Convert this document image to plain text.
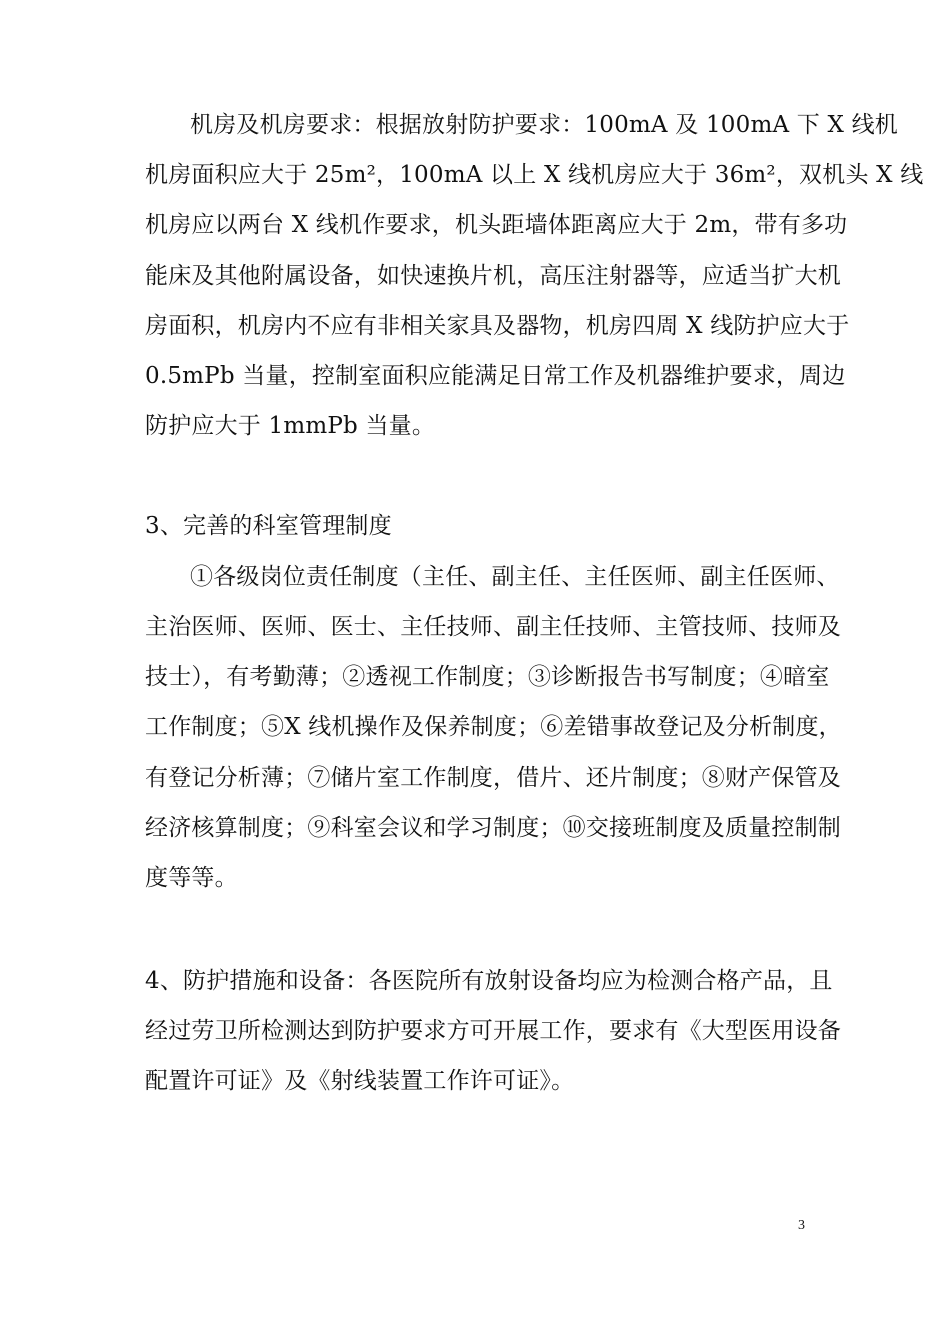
机房及机房要求：根据放射防护要求：100mA 及 100mA 下 X 线机
机房面积应大于 25m²，100mA 以上 X 线机房应大于 36m²，双机头 X 线
机房应以两台 X 线机作要求，机头距墙体距离应大于 2m，带有多功
能床及其他附属设备，如快速换片机，高压注射器等，应适当扩大机
房面积，机房内不应有非相关家具及器物，机房四周 X 线防护应大于
0.5mPb 当量，控制室面积应能满足日常工作及机器维护要求，周边
防护应大于 1mmPb 当量。
3、完善的科室管理制度
①各级岗位责任制度（主任、副主任、主任医师、副主任医师、
主治医师、医师、医士、主任技师、副主任技师、主管技师、技师及
技士），有考勤薄；②透视工作制度；③诊断报告书写制度；④暗室
工作制度；⑤X 线机操作及保养制度；⑥差错事故登记及分析制度，
有登记分析薄；⑦储片室工作制度，借片、还片制度；⑧财产保管及
经济核算制度；⑨科室会议和学习制度；⑩交接班制度及质量控制制
度等等。
4、防护措施和设备：各医院所有放射设备均应为检测合格产品，且
经过劳卫所检测达到防护要求方可开展工作，要求有《大型医用设备
配置许可证》及《射线装置工作许可证》。
3
